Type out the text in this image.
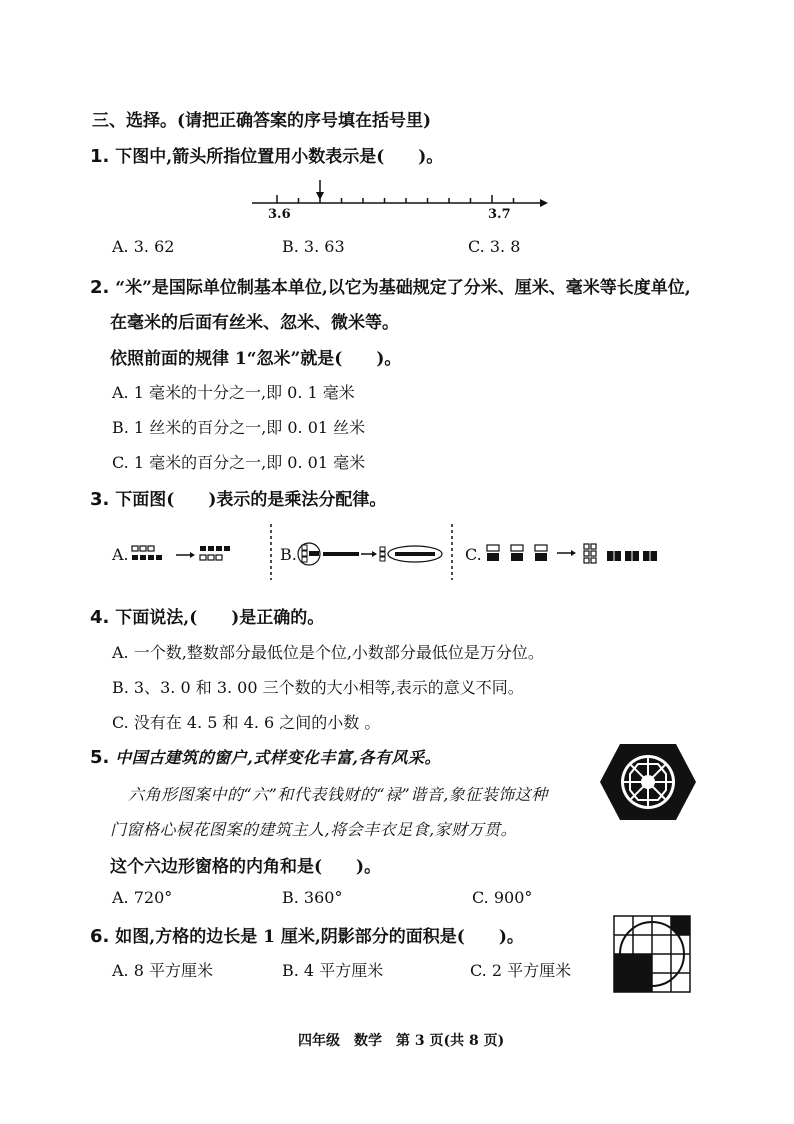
三、选择。(请把正确答案的序号填在括号里)
1. 下图中,箭头所指位置用小数表示是(　　)。
3.6	3.7
A. 3. 62	B. 3. 63	C. 3. 8
2. “米”是国际单位制基本单位,以它为基础规定了分米、厘米、毫米等长度单位,
在毫米的后面有丝米、忽米、微米等。
依照前面的规律 1“忽米”就是(　　)。
A. 1 毫米的十分之一,即 0. 1 毫米
B. 1 丝米的百分之一,即 0. 01 丝米
C. 1 毫米的百分之一,即 0. 01 毫米
3. 下面图(　　)表示的是乘法分配律。
A.	B.	C.
4. 下面说法,(　　)是正确的。
A. 一个数,整数部分最低位是个位,小数部分最低位是万分位。
B. 3、3. 0 和 3. 00 三个数的大小相等,表示的意义不同。
C. 没有在 4. 5 和 4. 6 之间的小数 。
5. 中国古建筑的窗户,式样变化丰富,各有风采。
六角形图案中的“六”和代表钱财的“禄”谐音,象征装饰这种
门窗格心棂花图案的建筑主人,将会丰衣足食,家财万贯。
这个六边形窗格的内角和是(　　)。
A. 720°	B. 360°	C. 900°
6. 如图,方格的边长是 1 厘米,阴影部分的面积是(　　)。
A. 8 平方厘米	B. 4 平方厘米	C. 2 平方厘米
四年级　数学　第 3 页(共 8 页)
